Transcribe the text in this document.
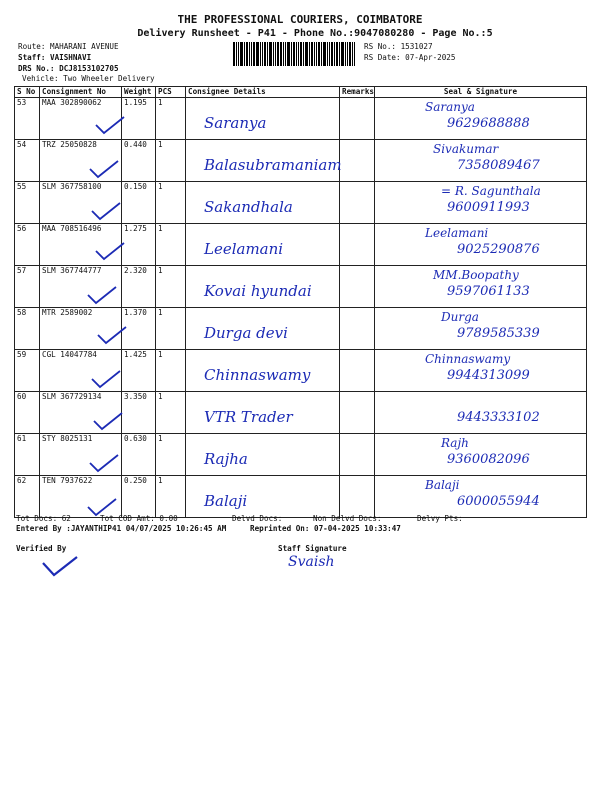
THE PROFESSIONAL COURIERS, COIMBATORE
Delivery Runsheet - P41 - Phone No.:9047080280 - Page No.:5
Route: MAHARANI AVENUE
Staff: VAISHNAVI
DRS No.: DCJ8153102705
Vehicle: Two Wheeler Delivery
RS No.: 1531027
RS Date: 07-Apr-2025
S No	Consignment No	Weight	PCS	Consignee Details	Remarks	Seal & Signature
53	MAA 302890062	1.195	1	Saranya		Saranya
9629688888

54	TRZ 25050828	0.440	1	Balasubramaniam		Sivakumar
7358089467

55	SLM 367758100	0.150	1	Sakandhala		= R. Sagunthala
9600911993

56	MAA 708516496	1.275	1	Leelamani		Leelamani
9025290876

57	SLM 367744777	2.320	1	Kovai hyundai		MM.Boopathy
9597061133

58	MTR 2589002	1.370	1	Durga devi		Durga
9789585339

59	CGL 14047784	1.425	1	Chinnaswamy		Chinnaswamy
9944313099

60	SLM 367729134	3.350	1	VTR Trader		9443333102

61	STY 8025131	0.630	1	Rajha		Rajh
9360082096

62	TEN 7937622	0.250	1	Balaji		Balaji
6000055944
Tot Docs: 62	Tot COD Amt: 0.00	Delvd Docs:	Non Delvd Docs:	Delvy Pts:
Entered By :JAYANTHIP41 04/07/2025 10:26:45 AM	Reprinted On: 07-04-2025 10:33:47
Verified By	Staff Signature
Svaish
